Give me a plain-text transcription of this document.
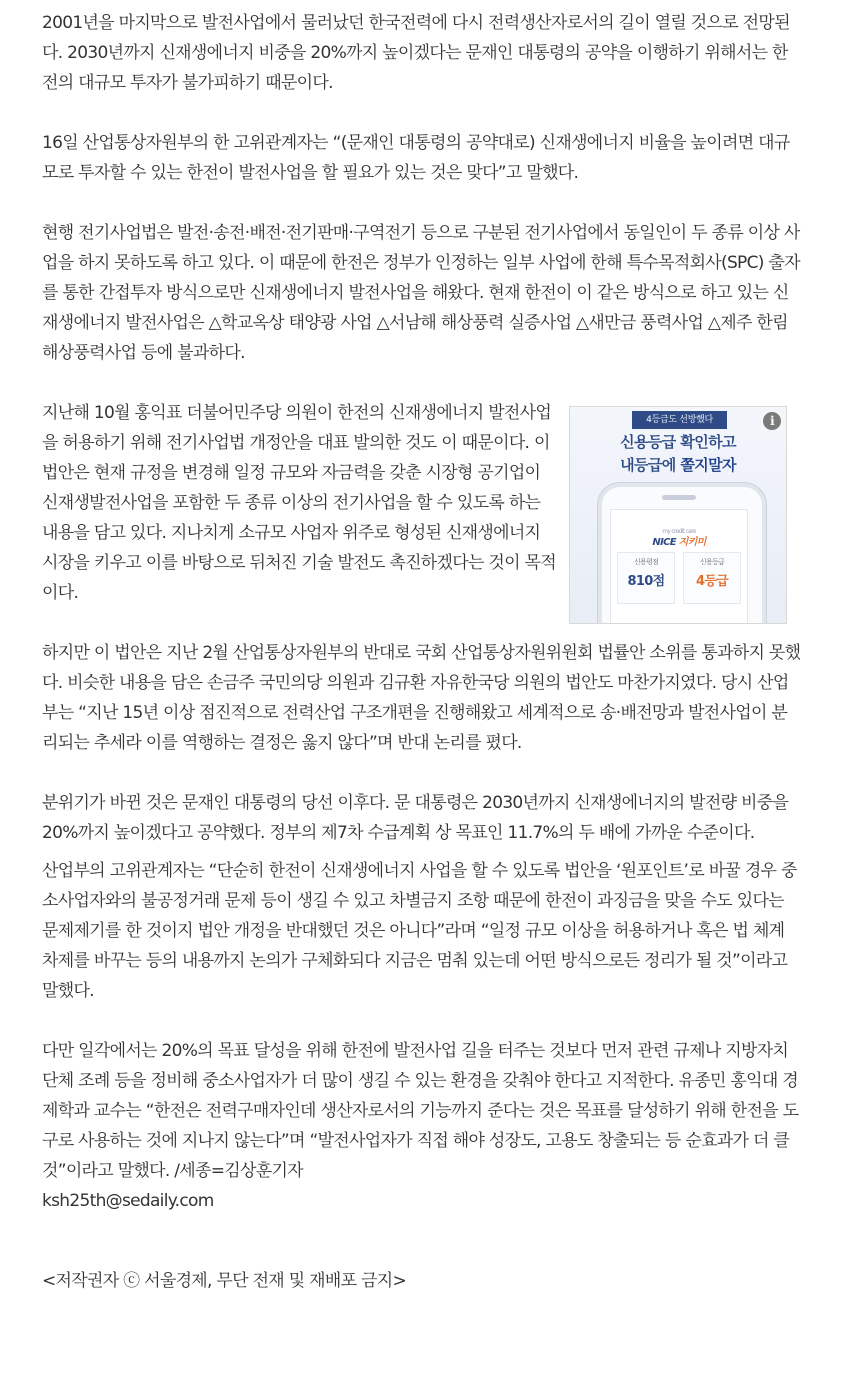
2001년을 마지막으로 발전사업에서 물러났던 한국전력에 다시 전력생산자로서의 길이 열릴 것으로 전망된다. 2030년까지 신재생에너지 비중을 20%까지 높이겠다는 문재인 대통령의 공약을 이행하기 위해서는 한전의 대규모 투자가 불가피하기 때문이다.

16일 산업통상자원부의 한 고위관계자는 “(문재인 대통령의 공약대로) 신재생에너지 비율을 높이려면 대규모로 투자할 수 있는 한전이 발전사업을 할 필요가 있는 것은 맞다”고 말했다.

현행 전기사업법은 발전·송전·배전·전기판매·구역전기 등으로 구분된 전기사업에서 동일인이 두 종류 이상 사업을 하지 못하도록 하고 있다. 이 때문에 한전은 정부가 인정하는 일부 사업에 한해 특수목적회사(SPC) 출자를 통한 간접투자 방식으로만 신재생에너지 발전사업을 해왔다. 현재 한전이 이 같은 방식으로 하고 있는 신재생에너지 발전사업은 △학교옥상 태양광 사업 △서남해 해상풍력 실증사업 △새만금 풍력사업 △제주 한림해상풍력사업 등에 불과하다.

지난해 10월 홍익표 더불어민주당 의원이 한전의 신재생에너지 발전사업을 허용하기 위해 전기사업법 개정안을 대표 발의한 것도 이 때문이다. 이 법안은 현재 규정을 변경해 일정 규모와 자금력을 갖춘 시장형 공기업이 신재생발전사업을 포함한 두 종류 이상의 전기사업을 할 수 있도록 하는 내용을 담고 있다. 지나치게 소규모 사업자 위주로 형성된 신재생에너지 시장을 키우고 이를 바탕으로 뒤처진 기술 발전도 촉진하겠다는 것이 목적이다.

4등급도 선방했다	i
신용등급 확인하고
내등급에 쫄지말자
my credit care
NICE 지키미
신용평점
810점
신용등급
4등급

하지만 이 법안은 지난 2월 산업통상자원부의 반대로 국회 산업통상자원위원회 법률안 소위를 통과하지 못했다. 비슷한 내용을 담은 손금주 국민의당 의원과 김규환 자유한국당 의원의 법안도 마찬가지였다. 당시 산업부는 “지난 15년 이상 점진적으로 전력산업 구조개편을 진행해왔고 세계적으로 송·배전망과 발전사업이 분리되는 추세라 이를 역행하는 결정은 옳지 않다”며 반대 논리를 폈다.

분위기가 바뀐 것은 문재인 대통령의 당선 이후다. 문 대통령은 2030년까지 신재생에너지의 발전량 비중을 20%까지 높이겠다고 공약했다. 정부의 제7차 수급계획 상 목표인 11.7%의 두 배에 가까운 수준이다.

산업부의 고위관계자는 “단순히 한전이 신재생에너지 사업을 할 수 있도록 법안을 ‘원포인트’로 바꿀 경우 중소사업자와의 불공정거래 문제 등이 생길 수 있고 차별금지 조항 때문에 한전이 과징금을 맞을 수도 있다는 문제제기를 한 것이지 법안 개정을 반대했던 것은 아니다”라며 “일정 규모 이상을 허용하거나 혹은 법 체계 차제를 바꾸는 등의 내용까지 논의가 구체화되다 지금은 멈춰 있는데 어떤 방식으로든 정리가 될 것”이라고 말했다.

다만 일각에서는 20%의 목표 달성을 위해 한전에 발전사업 길을 터주는 것보다 먼저 관련 규제나 지방자치단체 조례 등을 정비해 중소사업자가 더 많이 생길 수 있는 환경을 갖춰야 한다고 지적한다. 유종민 홍익대 경제학과 교수는 “한전은 전력구매자인데 생산자로서의 기능까지 준다는 것은 목표를 달성하기 위해 한전을 도구로 사용하는 것에 지나지 않는다”며 “발전사업자가 직접 해야 성장도, 고용도 창출되는 등 순효과가 더 클 것”이라고 말했다. /세종=김상훈기자

ksh25th@sedaily.com

<저작권자 ⓒ 서울경제, 무단 전재 및 재배포 금지>
